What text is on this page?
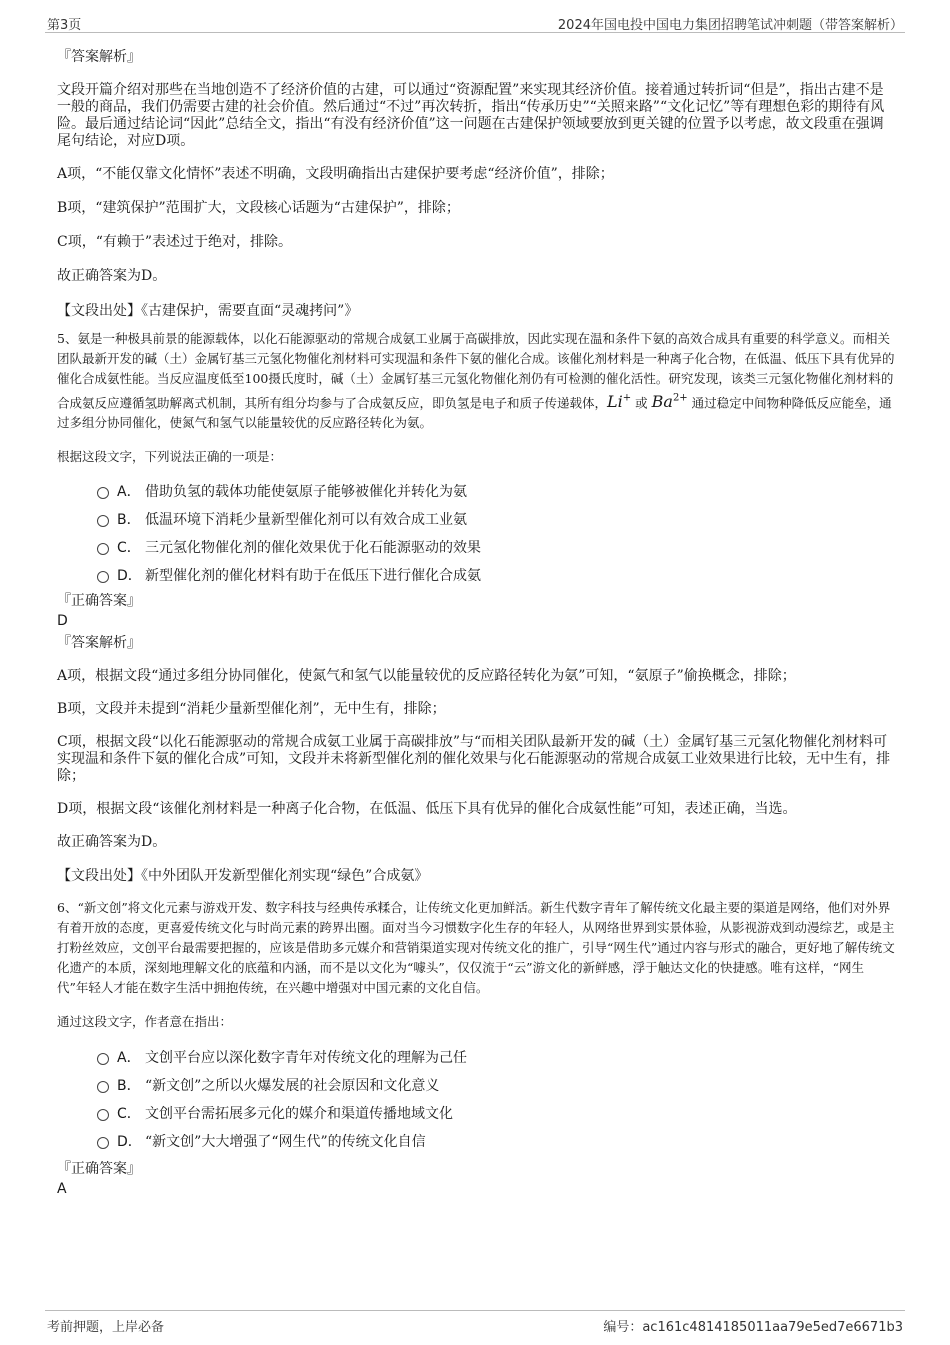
第3页	2024年国电投中国电力集团招聘笔试冲刺题（带答案解析）

『答案解析』

文段开篇介绍对那些在当地创造不了经济价值的古建，可以通过“资源配置”来实现其经济价值。接着通过转折词“但是”，指出古建不是一般的商品，我们仍需要古建的社会价值。然后通过“不过”再次转折，指出“传承历史”“关照来路”“文化记忆”等有理想色彩的期待有风险。最后通过结论词“因此”总结全文，指出“有没有经济价值”这一问题在古建保护领域要放到更关键的位置予以考虑，故文段重在强调尾句结论，对应D项。

A项，“不能仅靠文化情怀”表述不明确，文段明确指出古建保护要考虑“经济价值”，排除；

B项，“建筑保护”范围扩大，文段核心话题为“古建保护”，排除；

C项，“有赖于”表述过于绝对，排除。

故正确答案为D。

【文段出处】《古建保护，需要直面“灵魂拷问”》

5、氨是一种极具前景的能源载体，以化石能源驱动的常规合成氨工业属于高碳排放，因此实现在温和条件下氨的高效合成具有重要的科学意义。而相关团队最新开发的碱（土）金属钌基三元氢化物催化剂材料可实现温和条件下氨的催化合成。该催化剂材料是一种离子化合物，在低温、低压下具有优异的催化合成氨性能。当反应温度低至100摄氏度时，碱（土）金属钌基三元氢化物催化剂仍有可检测的催化活性。研究发现，该类三元氢化物催化剂材料的合成氨反应遵循氢助解离式机制，其所有组分均参与了合成氨反应，即负氢是电子和质子传递载体，Li+ 或 $Ba^{2+}$ 通过稳定中间物种降低反应能垒，通过多组分协同催化，使氮气和氢气以能量较优的反应路径转化为氨。

根据这段文字，下列说法正确的一项是：

A． 借助负氢的载体功能使氨原子能够被催化并转化为氨
B． 低温环境下消耗少量新型催化剂可以有效合成工业氨
C． 三元氢化物催化剂的催化效果优于化石能源驱动的效果
D． 新型催化剂的催化材料有助于在低压下进行催化合成氨

『正确答案』

D

『答案解析』

A项，根据文段“通过多组分协同催化，使氮气和氢气以能量较优的反应路径转化为氨”可知，“氨原子”偷换概念，排除；

B项，文段并未提到“消耗少量新型催化剂”，无中生有，排除；

C项，根据文段“以化石能源驱动的常规合成氨工业属于高碳排放”与“而相关团队最新开发的碱（土）金属钌基三元氢化物催化剂材料可实现温和条件下氨的催化合成”可知，文段并未将新型催化剂的催化效果与化石能源驱动的常规合成氨工业效果进行比较，无中生有，排除；

D项，根据文段“该催化剂材料是一种离子化合物，在低温、低压下具有优异的催化合成氨性能”可知，表述正确，当选。

故正确答案为D。

【文段出处】《中外团队开发新型催化剂实现“绿色”合成氨》

6、“新文创”将文化元素与游戏开发、数字科技与经典传承糅合，让传统文化更加鲜活。新生代数字青年了解传统文化最主要的渠道是网络，他们对外界有着开放的态度，更喜爱传统文化与时尚元素的跨界出圈。面对当今习惯数字化生存的年轻人，从网络世界到实景体验，从影视游戏到动漫综艺，或是主打粉丝效应，文创平台最需要把握的，应该是借助多元媒介和营销渠道实现对传统文化的推广，引导“网生代”通过内容与形式的融合，更好地了解传统文化遗产的本质，深刻地理解文化的底蕴和内涵，而不是以文化为“噱头”，仅仅流于“云”游文化的新鲜感，浮于触达文化的快捷感。唯有这样，“网生代”年轻人才能在数字生活中拥抱传统，在兴趣中增强对中国元素的文化自信。

通过这段文字，作者意在指出：

A． 文创平台应以深化数字青年对传统文化的理解为己任
B． “新文创”之所以火爆发展的社会原因和文化意义
C． 文创平台需拓展多元化的媒介和渠道传播地域文化
D． “新文创”大大增强了“网生代”的传统文化自信

『正确答案』

A

考前押题，上岸必备	编号：ac161c4814185011aa79e5ed7e6671b3
